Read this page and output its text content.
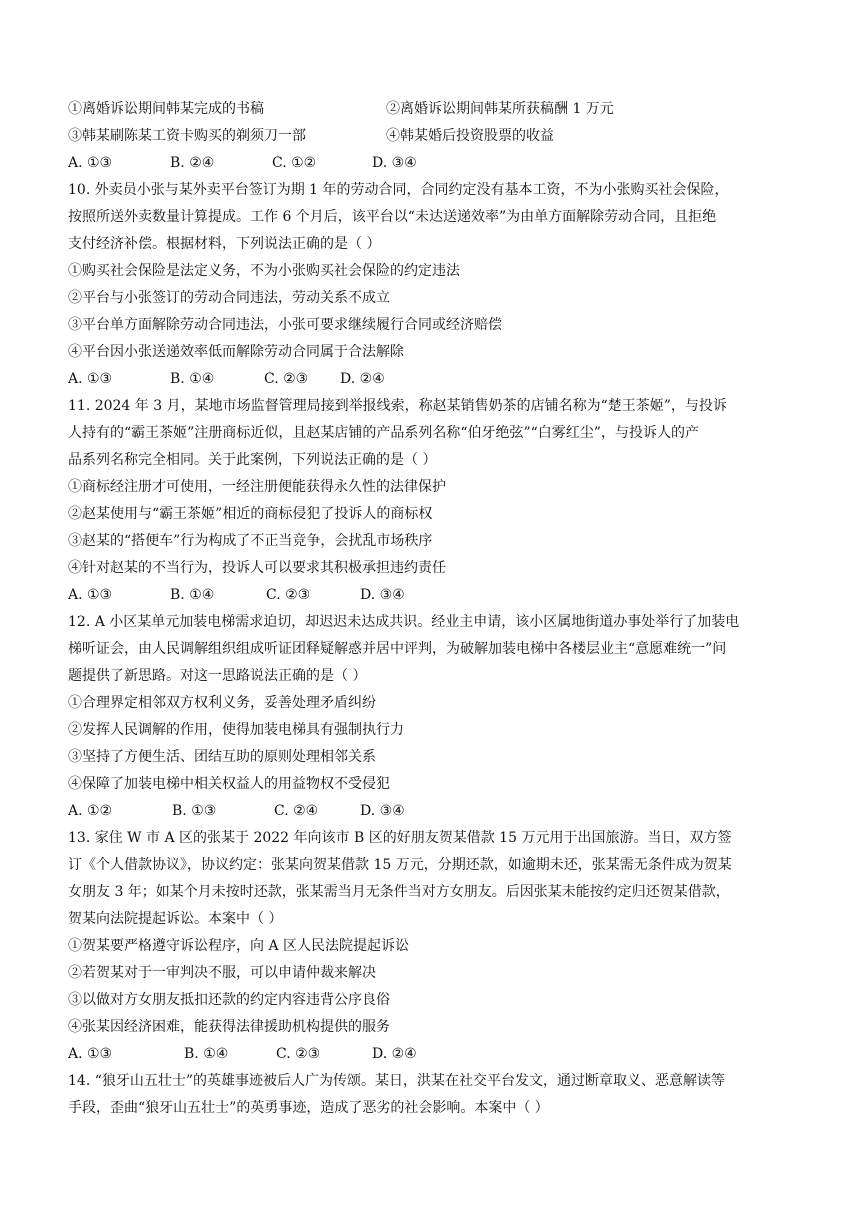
①离婚诉讼期间韩某完成的书稿	②离婚诉讼期间韩某所获稿酬 1 万元
③韩某刷陈某工资卡购买的剃须刀一部	④韩某婚后投资股票的收益
A. ①③	B. ②④	C. ①②	D. ③④
10. 外卖员小张与某外卖平台签订为期 1 年的劳动合同，合同约定没有基本工资，不为小张购买社会保险，
按照所送外卖数量计算提成。工作 6 个月后，该平台以“未达送递效率”为由单方面解除劳动合同，且拒绝
支付经济补偿。根据材料，下列说法正确的是（ ）
①购买社会保险是法定义务，不为小张购买社会保险的约定违法
②平台与小张签订的劳动合同违法，劳动关系不成立
③平台单方面解除劳动合同违法，小张可要求继续履行合同或经济赔偿
④平台因小张送递效率低而解除劳动合同属于合法解除
A. ①③	B. ①④	C. ②③ D. ②④
11. 2024 年 3 月，某地市场监督管理局接到举报线索，称赵某销售奶茶的店铺名称为“楚王茶姬”，与投诉
人持有的“霸王茶姬”注册商标近似，且赵某店铺的产品系列名称“伯牙绝弦”“白雾红尘”，与投诉人的产
品系列名称完全相同。关于此案例，下列说法正确的是（ ）
①商标经注册才可使用，一经注册便能获得永久性的法律保护
②赵某使用与“霸王茶姬”相近的商标侵犯了投诉人的商标权
③赵某的“搭便车”行为构成了不正当竞争，会扰乱市场秩序
④针对赵某的不当行为，投诉人可以要求其积极承担违约责任
A. ①③	B. ①④	C. ②③	D. ③④
12. A 小区某单元加装电梯需求迫切，却迟迟未达成共识。经业主申请，该小区属地街道办事处举行了加装电
梯听证会，由人民调解组织组成听证团释疑解惑并居中评判，为破解加装电梯中各楼层业主“意愿难统一”问
题提供了新思路。对这一思路说法正确的是（ ）
①合理界定相邻双方权利义务，妥善处理矛盾纠纷
②发挥人民调解的作用，使得加装电梯具有强制执行力
③坚持了方便生活、团结互助的原则处理相邻关系
④保障了加装电梯中相关权益人的用益物权不受侵犯
A. ①②	B. ①③	C. ②④	D. ③④
13. 家住 W 市 A 区的张某于 2022 年向该市 B 区的好朋友贺某借款 15 万元用于出国旅游。当日，双方签
订《个人借款协议》，协议约定：张某向贺某借款 15 万元，分期还款，如逾期未还，张某需无条件成为贺某
女朋友 3 年；如某个月未按时还款，张某需当月无条件当对方女朋友。后因张某未能按约定归还贺某借款，
贺某向法院提起诉讼。本案中（ ）
①贺某要严格遵守诉讼程序，向 A 区人民法院提起诉讼
②若贺某对于一审判决不服，可以申请仲裁来解决
③以做对方女朋友抵扣还款的约定内容违背公序良俗
④张某因经济困难，能获得法律援助机构提供的服务
A. ①③	B. ①④	C. ②③	D. ②④
14. “狼牙山五壮士”的英雄事迹被后人广为传颂。某日，洪某在社交平台发文，通过断章取义、恶意解读等
手段，歪曲“狼牙山五壮士”的英勇事迹，造成了恶劣的社会影响。本案中（ ）
